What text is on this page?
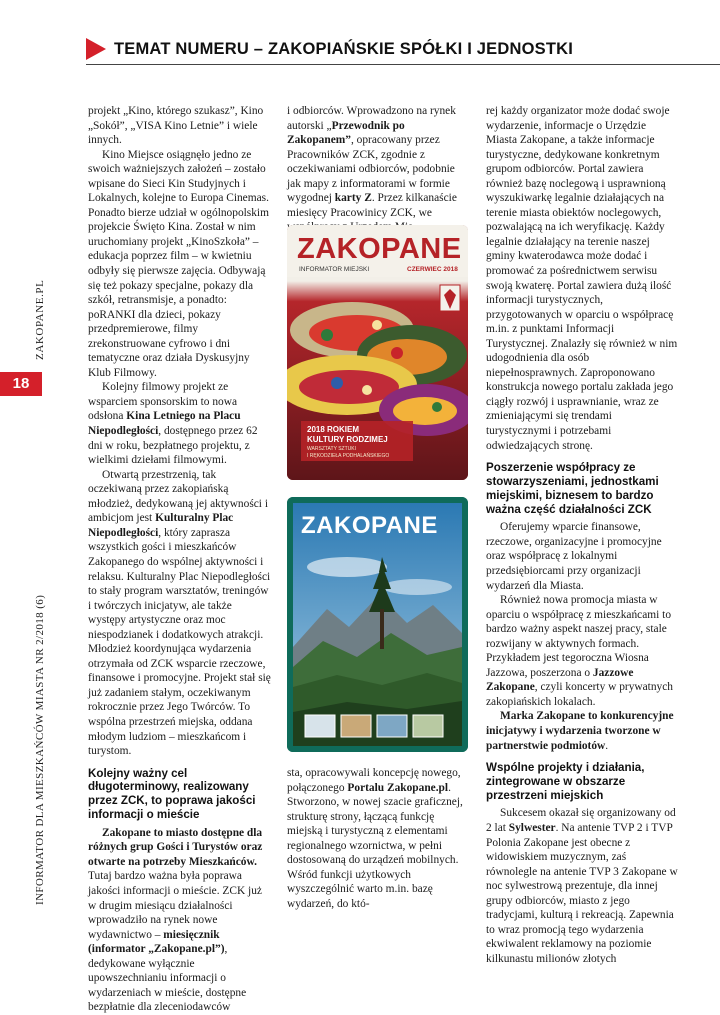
TEMAT NUMERU – ZAKOPIAŃSKIE SPÓŁKI I JEDNOSTKI
ZAKOPANE.PL
18
INFORMATOR DLA MIESZKAŃCÓW MIASTA NR 2/2018 (6)

projekt „Kino, którego szukasz”, Kino „Sokół”, „VISA Kino Letnie” i wiele innych.

Kino Miejsce osiągnęło jedno ze swoich ważniejszych założeń – zostało wpisane do Sieci Kin Studyjnych i Lokalnych, kolejne to Europa Cinemas. Ponadto bierze udział w ogólnopolskim projekcie Święto Kina. Został w nim uruchomiany projekt „KinoSzkoła” – edukacja poprzez film – w kwietniu odbyły się pierwsze zajęcia. Odbywają się też pokazy specjalne, pokazy dla szkół, retransmisje, a ponadto: poRANKI dla dzieci, pokazy przedpremierowe, filmy zrekonstruowane cyfrowo i dni tematyczne oraz działa Dyskusyjny Klub Filmowy.

Kolejny filmowy projekt ze wsparciem sponsorskim to nowa odsłona Kina Letniego na Placu Niepodległości, dostępnego przez 62 dni w roku, bezpłatnego projektu, z wielkimi dziełami filmowymi.

Otwartą przestrzenią, tak oczekiwaną przez zakopiańską młodzież, dedykowaną jej aktywności i ambicjom jest Kulturalny Plac Niepodległości, który zaprasza wszystkich gości i mieszkańców Zakopanego do wspólnej aktywności i relaksu. Kulturalny Plac Niepodległości to stały program warsztatów, treningów i twórczych inicjatyw, ale także występy artystyczne oraz moc niespodzianek i dodatkowych atrakcji. Młodzież koordynująca wydarzenia otrzymała od ZCK wsparcie rzeczowe, finansowe i promocyjne. Projekt stał się już zadaniem stałym, oczekiwanym rokrocznie przez Jego Twórców. To wspólna przestrzeń miejska, oddana młodym ludziom – mieszkańcom i turystom.

Kolejny ważny cel długoterminowy, realizowany przez ZCK, to poprawa jakości informacji o mieście

Zakopane to miasto dostępne dla różnych grup Gości i Turystów oraz otwarte na potrzeby Mieszkańców. Tutaj bardzo ważna była poprawa jakości informacji o mieście. ZCK już w drugim miesiącu działalności wprowadziło na rynek nowe wydawnictwo – miesięcznik (informator „Zakopane.pl”), dedykowane wyłącznie upowszechnianiu informacji o wydarzeniach w mieście, dostępne bezpłatnie dla zleceniodawców

i odbiorców. Wprowadzono na rynek autorski „Przewodnik po Zakopanem”, opracowany przez Pracowników ZCK, zgodnie z oczekiwaniami odbiorców, podobnie jak mapy z informatorami w formie wygodnej karty Z. Przez kilkanaście miesięcy Pracowinicy ZCK, we

ZAKOPANE
INFORMATOR MIEJSKI	CZERWIEC 2018
2018 ROKIEM
KULTURY RODZIMEJ
WARSZTATY SZTUKI
I RĘKODZIEŁA PODHALAŃSKIEGO
ZAKOPANE

sta, opracowywali koncepcję nowego, połączonego Portalu Zakopane.pl. Stworzono, w nowej szacie graficznej, strukturę strony, łączącą funkcję miejską i turystyczną z elementami regionalnego wzornictwa, w pełni dostosowaną do urządzeń mobilnych. Wśród funkcji użytkowych wyszczególnić warto m.in. bazę wydarzeń, do któ-

rej każdy organizator może dodać swoje wydarzenie, informacje o Urzędzie Miasta Zakopane, a także informacje turystyczne, dedykowane konkretnym grupom odbiorców. Portal zawiera również bazę noclegową i usprawnioną wyszukiwarkę legalnie działających na terenie miasta obiektów noclegowych, pozwalającą na ich weryfikację. Każdy legalnie działający na terenie naszej gminy kwaterodawca może dodać i promować za pośrednictwem serwisu swoją kwaterę. Portal zawiera dużą ilość informacji turystycznych, przygotowanych w oparciu o współpracę m.in. z punktami Informacji Turystycznej. Znalazły się również w nim udogodnienia dla osób niepełnosprawnych. Zaproponowano konstrukcja nowego portalu zakłada jego ciągły rozwój i usprawnianie, wraz ze zmieniającymi się trendami turystycznymi i potrzebami odwiedzających stronę.

Poszerzenie współpracy ze stowarzyszeniami, jednostkami miejskimi, biznesem to bardzo ważna część działalności ZCK

Oferujemy wparcie finansowe, rzeczowe, organizacyjne i promocyjne oraz współpracę z lokalnymi przedsiębiorcami przy organizacji wydarzeń dla Miasta.

Również nowa promocja miasta w oparciu o współpracę z mieszkańcami to bardzo ważny aspekt naszej pracy, stale rozwijany w aktywnych formach. Przykładem jest tegoroczna Wiosna Jazzowa, poszerzona o Jazzowe Zakopane, czyli koncerty w prywatnych zakopiańskich lokalach.

Marka Zakopane to konkurencyjne inicjatywy i wydarzenia tworzone w partnerstwie podmiotów.

Wspólne projekty i działania, zintegrowane w obszarze przestrzeni miejskich

Sukcesem okazał się organizowany od 2 lat Sylwester. Na antenie TVP 2 i TVP Polonia Zakopane jest obecne z widowiskiem muzycznym, zaś równolegle na antenie TVP 3 Zakopane w noc sylwestrową prezentuje, dla innej grupy odbiorców, miasto z jego tradycjami, kulturą i rekreacją. Zapewnia to wraz promocją tego wydarzenia ekwiwalent reklamowy na poziomie kilkunastu milionów złotych
